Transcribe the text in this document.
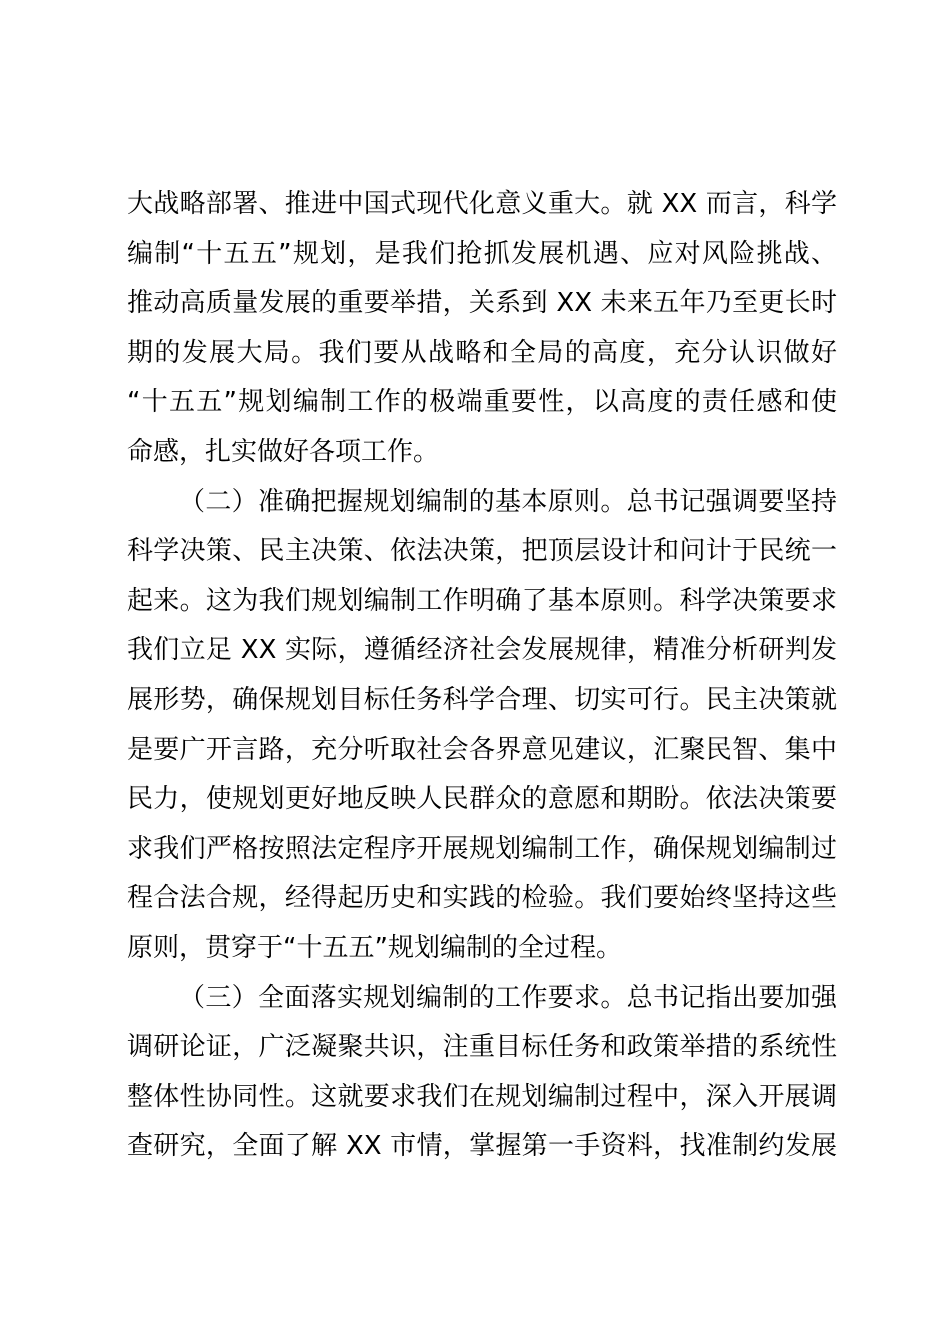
大战略部署、推进中国式现代化意义重大。就 XX 而言，科学
编制“十五五”规划，是我们抢抓发展机遇、应对风险挑战、
推动高质量发展的重要举措，关系到 XX 未来五年乃至更长时
期的发展大局。我们要从战略和全局的高度，充分认识做好
“十五五”规划编制工作的极端重要性，以高度的责任感和使
命感，扎实做好各项工作。
（二）准确把握规划编制的基本原则。总书记强调要坚持
科学决策、民主决策、依法决策，把顶层设计和问计于民统一
起来。这为我们规划编制工作明确了基本原则。科学决策要求
我们立足 XX 实际，遵循经济社会发展规律，精准分析研判发
展形势，确保规划目标任务科学合理、切实可行。民主决策就
是要广开言路，充分听取社会各界意见建议，汇聚民智、集中
民力，使规划更好地反映人民群众的意愿和期盼。依法决策要
求我们严格按照法定程序开展规划编制工作，确保规划编制过
程合法合规，经得起历史和实践的检验。我们要始终坚持这些
原则，贯穿于“十五五”规划编制的全过程。
（三）全面落实规划编制的工作要求。总书记指出要加强
调研论证，广泛凝聚共识，注重目标任务和政策举措的系统性
整体性协同性。这就要求我们在规划编制过程中，深入开展调
查研究，全面了解 XX 市情，掌握第一手资料，找准制约发展
